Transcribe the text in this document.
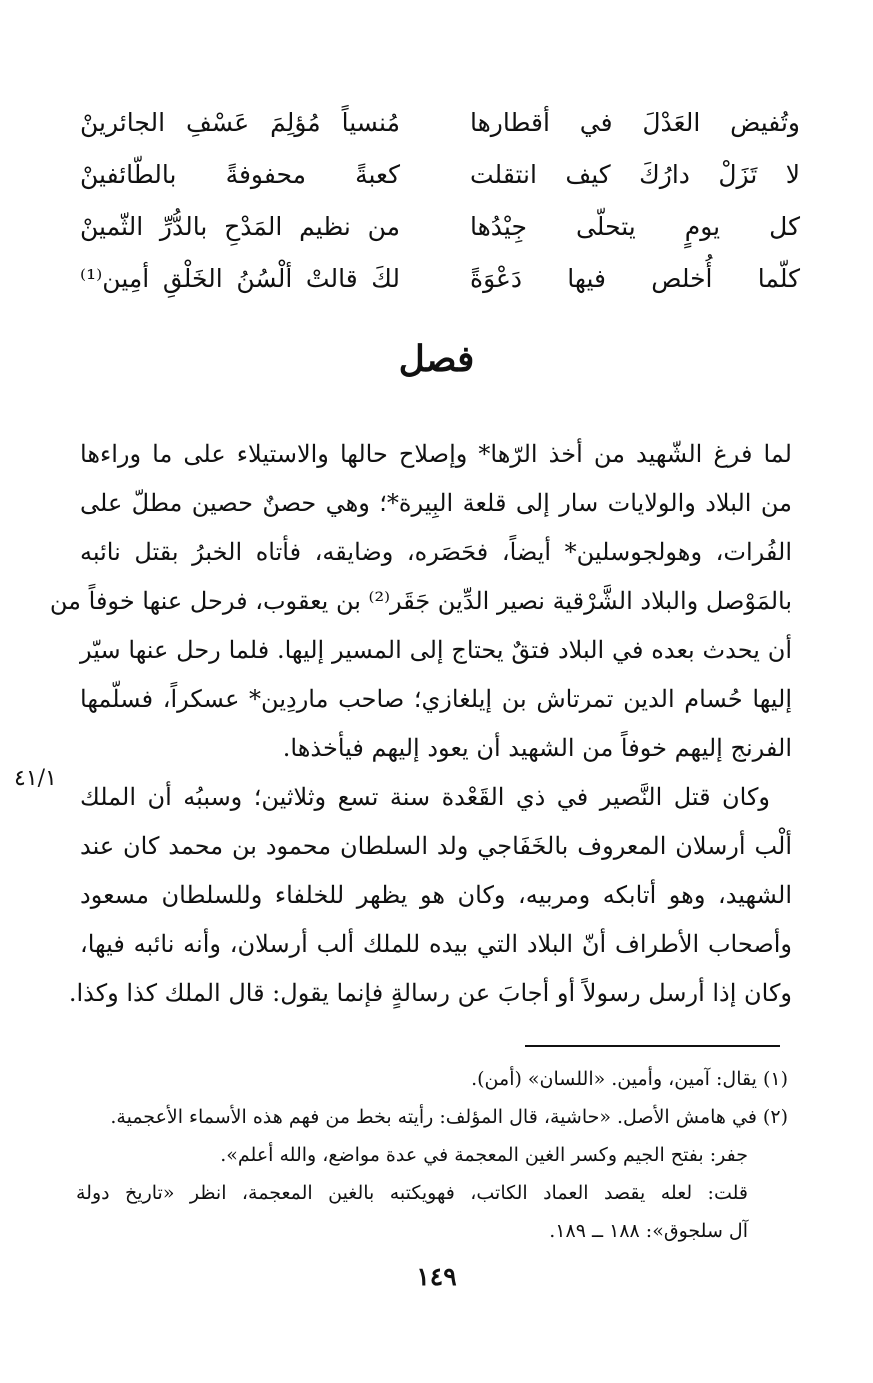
وتُفيض العَدْلَ في أقطارها
مُنسياً مُؤلِمَ عَسْفِ الجائرينْ
لا تَزَلْ دارُكَ كيف انتقلت
كعبةً محفوفةً بالطّائفينْ
كل يومٍ يتحلّى جِيْدُها
من نظيم المَدْحِ بالدُّرِّ الثّمينْ
كلّما أُخلص فيها دَعْوَةً
لكَ قالتْ ألْسُنُ الخَلْقِ أمِين⁽¹⁾
فصل
لما فرغ الشّهيد من أخذ الرّها* وإصلاح حالها والاستيلاء على ما وراءها
من البلاد والولايات سار إلى قلعة البِيرة*؛ وهي حصنٌ حصين مطلّ على
الفُرات، وهولجوسلين* أيضاً، فحَصَره، وضايقه، فأتاه الخبرُ بقتل نائبه
بالمَوْصل والبلاد الشَّرْقية نصير الدِّين جَقَر⁽²⁾ بن يعقوب، فرحل عنها خوفاً من
أن يحدث بعده في البلاد فتقٌ يحتاج إلى المسير إليها. فلما رحل عنها سيّر
إليها حُسام الدين تمرتاش بن إيلغازي؛ صاحب ماردِين* عسكراً، فسلّمها
الفرنج إليهم خوفاً من الشهيد أن يعود إليهم فيأخذها.
وكان قتل النَّصير في ذي القَعْدة سنة تسع وثلاثين؛ وسببُه أن الملك
ألْب أرسلان المعروف بالخَفَاجي ولد السلطان محمود بن محمد كان عند
الشهيد، وهو أتابكه ومربيه، وكان هو يظهر للخلفاء وللسلطان مسعود
وأصحاب الأطراف أنّ البلاد التي بيده للملك ألب أرسلان، وأنه نائبه فيها،
وكان إذا أرسل رسولاً أو أجابَ عن رسالةٍ فإنما يقول: قال الملك كذا وكذا.
٤١/١
(١) يقال: آمين، وأمين. «اللسان» (أمن).
(٢) في هامش الأصل. «حاشية، قال المؤلف: رأيته بخط من فهم هذه الأسماء الأعجمية.
جفر: بفتح الجيم وكسر الغين المعجمة في عدة مواضع، والله أعلم».
قلت: لعله يقصد العماد الكاتب، فهويكتبه بالغين المعجمة، انظر «تاريخ دولة
آل سلجوق»: ١٨٨ ــ ١٨٩.
١٤٩
